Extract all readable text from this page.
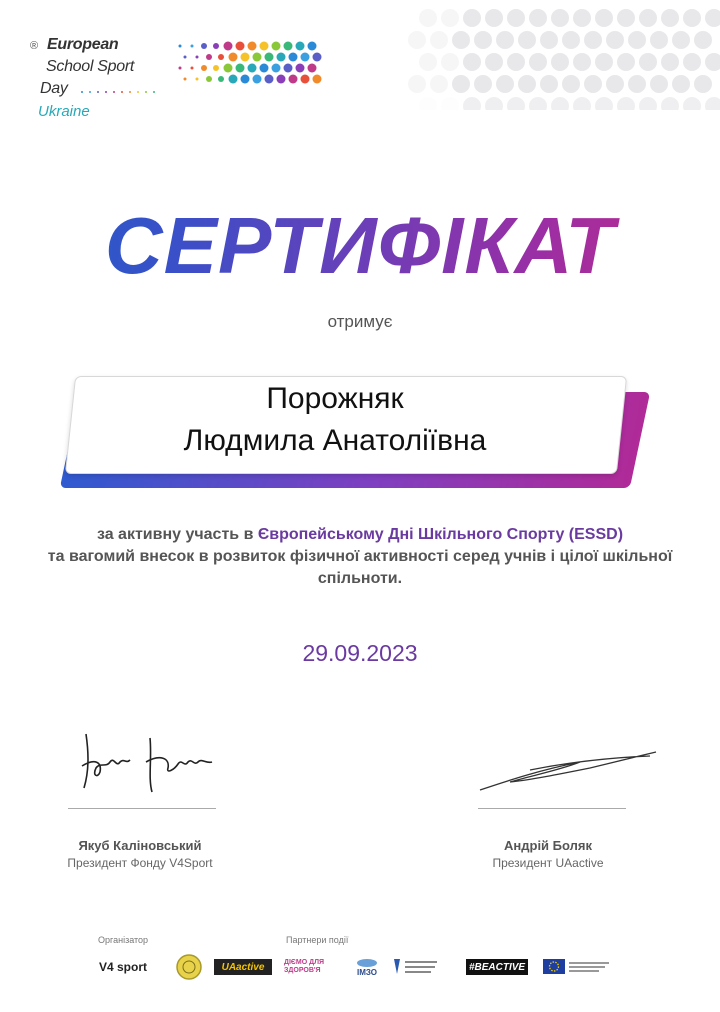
® European
School Sport
Day
Ukraine
СЕРТИФІКАТ
отримує
Порожняк
Людмила Анатоліївна
за активну участь в Європейському Дні Шкільного Спорту (ESSD)
та вагомий внесок в розвиток фізичної активності серед учнів і цілої шкільної спільноти.
29.09.2023
Якуб Каліновський
Президент Фонду V4Sport
Андрій Боляк
Президент UAactive
Організатор	Партнери події
V4 sport	UAactive	ДІЄМО ДЛЯ ЗДОРОВ'Я	ІМЗО	#BEACTIVE
